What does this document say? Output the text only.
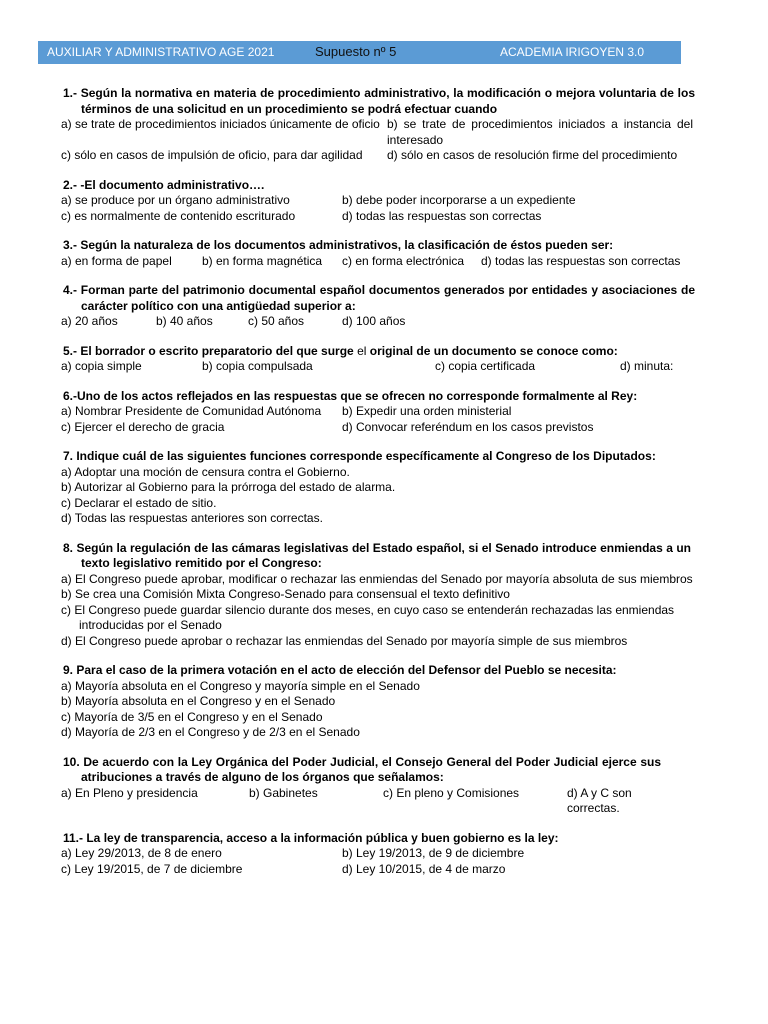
AUXILIAR Y ADMINISTRATIVO AGE 2021	Supuesto nº 5	ACADEMIA IRIGOYEN 3.0
1.- Según la normativa en materia de procedimiento administrativo, la modificación o mejora voluntaria de los términos de una solicitud en un procedimiento se podrá efectuar cuando
a) se trate de procedimientos iniciados únicamente de oficio b) se trate de procedimientos iniciados a instancia del interesado
c) sólo en casos de impulsión de oficio, para dar agilidad	d) sólo en casos de resolución firme del procedimiento
2.- -El documento administrativo….
a) se produce por un órgano administrativo	b) debe poder incorporarse a un expediente
c) es normalmente de contenido escriturado	d) todas las respuestas son correctas
3.- Según la naturaleza de los documentos administrativos, la clasificación de éstos pueden ser:
a) en forma de papel	b) en forma magnética	c) en forma electrónica	d) todas las respuestas son correctas
4.- Forman parte del patrimonio documental español documentos generados por entidades y asociaciones de carácter político con una antigüedad superior a:
a) 20 años	b) 40 años	c) 50 años	d) 100 años
5.- El borrador o escrito preparatorio del que surge el original de un documento se conoce como:
a) copia simple	b) copia compulsada	c) copia certificada	d) minuta:
6.-Uno de los actos reflejados en las respuestas que se ofrecen no corresponde formalmente al Rey:
a) Nombrar Presidente de Comunidad Autónoma	b) Expedir una orden ministerial
c) Ejercer el derecho de gracia	d) Convocar referéndum en los casos previstos
7. Indique cuál de las siguientes funciones corresponde específicamente al Congreso de los Diputados:
a) Adoptar una moción de censura contra el Gobierno.
b) Autorizar al Gobierno para la prórroga del estado de alarma.
c) Declarar el estado de sitio.
d) Todas las respuestas anteriores son correctas.
8. Según la regulación de las cámaras legislativas del Estado español, si el Senado introduce enmiendas a un texto legislativo remitido por el Congreso:
a) El Congreso puede aprobar, modificar o rechazar las enmiendas del Senado por mayoría absoluta de sus miembros
b) Se crea una Comisión Mixta Congreso-Senado para consensual el texto definitivo
c) El Congreso puede guardar silencio durante dos meses, en cuyo caso se entenderán rechazadas las enmiendas introducidas por el Senado
d) El Congreso puede aprobar o rechazar las enmiendas del Senado por mayoría simple de sus miembros
9. Para el caso de la primera votación en el acto de elección del Defensor del Pueblo se necesita:
a) Mayoría absoluta en el Congreso y mayoría simple en el Senado
b) Mayoría absoluta en el Congreso y en el Senado
c) Mayoría de 3/5 en el Congreso y en el Senado
d) Mayoría de 2/3 en el Congreso y de 2/3 en el Senado
10. De acuerdo con la Ley Orgánica del Poder Judicial, el Consejo General del Poder Judicial ejerce sus atribuciones a través de alguno de los órganos que señalamos:
a) En Pleno y presidencia	b) Gabinetes	c) En pleno y Comisiones	d) A y C son correctas.
11.- La ley de transparencia, acceso a la información pública y buen gobierno es la ley:
a) Ley 29/2013, de 8 de enero	b) Ley 19/2013, de 9 de diciembre
c) Ley 19/2015, de 7 de diciembre	d) Ley 10/2015, de 4 de marzo
